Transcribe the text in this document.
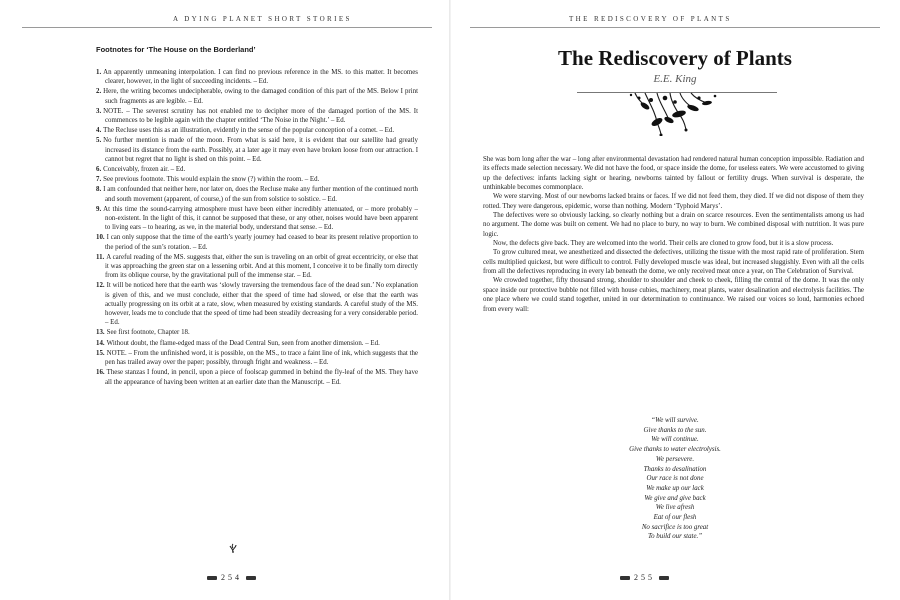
A DYING PLANET SHORT STORIES
Footnotes for ‘The House on the Borderland’
1. An apparently unmeaning interpolation. I can find no previous reference in the MS. to this matter. It becomes clearer, however, in the light of succeeding incidents. – Ed.
2. Here, the writing becomes undecipherable, owing to the damaged condition of this part of the MS. Below I print such fragments as are legible. – Ed.
3. NOTE. – The severest scrutiny has not enabled me to decipher more of the damaged portion of the MS. It commences to be legible again with the chapter entitled ‘The Noise in the Night.’ – Ed.
4. The Recluse uses this as an illustration, evidently in the sense of the popular conception of a comet. – Ed.
5. No further mention is made of the moon. From what is said here, it is evident that our satellite had greatly increased its distance from the earth. Possibly, at a later age it may even have broken loose from our attraction. I cannot but regret that no light is shed on this point. – Ed.
6. Conceivably, frozen air. – Ed.
7. See previous footnote. This would explain the snow (?) within the room. – Ed.
8. I am confounded that neither here, nor later on, does the Recluse make any further mention of the continued north and south movement (apparent, of course,) of the sun from solstice to solstice. – Ed.
9. At this time the sound-carrying atmosphere must have been either incredibly attenuated, or – more probably – non-existent. In the light of this, it cannot be supposed that these, or any other, noises would have been apparent to living ears – to hearing, as we, in the material body, understand that sense. – Ed.
10. I can only suppose that the time of the earth’s yearly journey had ceased to bear its present relative proportion to the period of the sun’s rotation. – Ed.
11. A careful reading of the MS. suggests that, either the sun is traveling on an orbit of great eccentricity, or else that it was approaching the green star on a lessening orbit. And at this moment, I conceive it to be finally torn directly from its oblique course, by the gravitational pull of the immense star. – Ed.
12. It will be noticed here that the earth was ‘slowly traversing the tremendous face of the dead sun.’ No explanation is given of this, and we must conclude, either that the speed of time had slowed, or else that the earth was actually progressing on its orbit at a rate, slow, when measured by existing standards. A careful study of the MS. however, leads me to conclude that the speed of time had been steadily decreasing for a very considerable period. – Ed.
13. See first footnote, Chapter 18.
14. Without doubt, the flame-edged mass of the Dead Central Sun, seen from another dimension. – Ed.
15. NOTE. – From the unfinished word, it is possible, on the MS., to trace a faint line of ink, which suggests that the pen has trailed away over the paper; possibly, through fright and weakness. – Ed.
16. These stanzas I found, in pencil, upon a piece of foolscap gummed in behind the fly-leaf of the MS. They have all the appearance of having been written at an earlier date than the Manuscript. – Ed.
254
THE REDISCOVERY OF PLANTS
The Rediscovery of Plants
E.E. King

She was born long after the war – long after environmental devastation had rendered natural human conception impossible. Radiation and its effects made selection necessary. We did not have the food, or space inside the dome, for useless eaters. We were accustomed to giving up the defectives: infants lacking sight or hearing, newborns tainted by fallout or fertility drugs. When survival is desperate, the unthinkable becomes commonplace.

We were starving. Most of our newborns lacked brains or faces. If we did not feed them, they died. If we did not dispose of them they rotted. They were dangerous, epidemic, worse than nothing. Modern ‘Typhoid Marys’.

The defectives were so obviously lacking, so clearly nothing but a drain on scarce resources. Even the sentimentalists among us had no argument. The dome was built on cement. We had no place to bury, no way to burn. We combined disposal with nutrition. It was pure logic.

Now, the defects give back. They are welcomed into the world. Their cells are cloned to grow food, but it is a slow process.

To grow cultured meat, we anesthetized and dissected the defectives, utilizing the tissue with the most rapid rate of proliferation. Stem cells multiplied quickest, but were difficult to control. Fully developed muscle was ideal, but increased sluggishly. Even with all the cells from all the defectives reproducing in every lab beneath the dome, we only received meat once a year, on The Celebration of Survival.

We crowded together, fifty thousand strong, shoulder to shoulder and cheek to cheek, filling the central of the dome. It was the only space inside our protective bubble not filled with house cubies, machinery, meat plants, water desalination and electrolysis facilities. The one place where we could stand together, united in our determination to continuance. We raised our voices so loud, harmonies echoed from every wall:

“We will survive.
Give thanks to the sun.
We will continue.
Give thanks to water electrolysis.
We persevere.
Thanks to desalination
Our race is not done
We make up our lack
We give and give back
We live afresh
Eat of our flesh
No sacrifice is too great
To build our state.”
255
